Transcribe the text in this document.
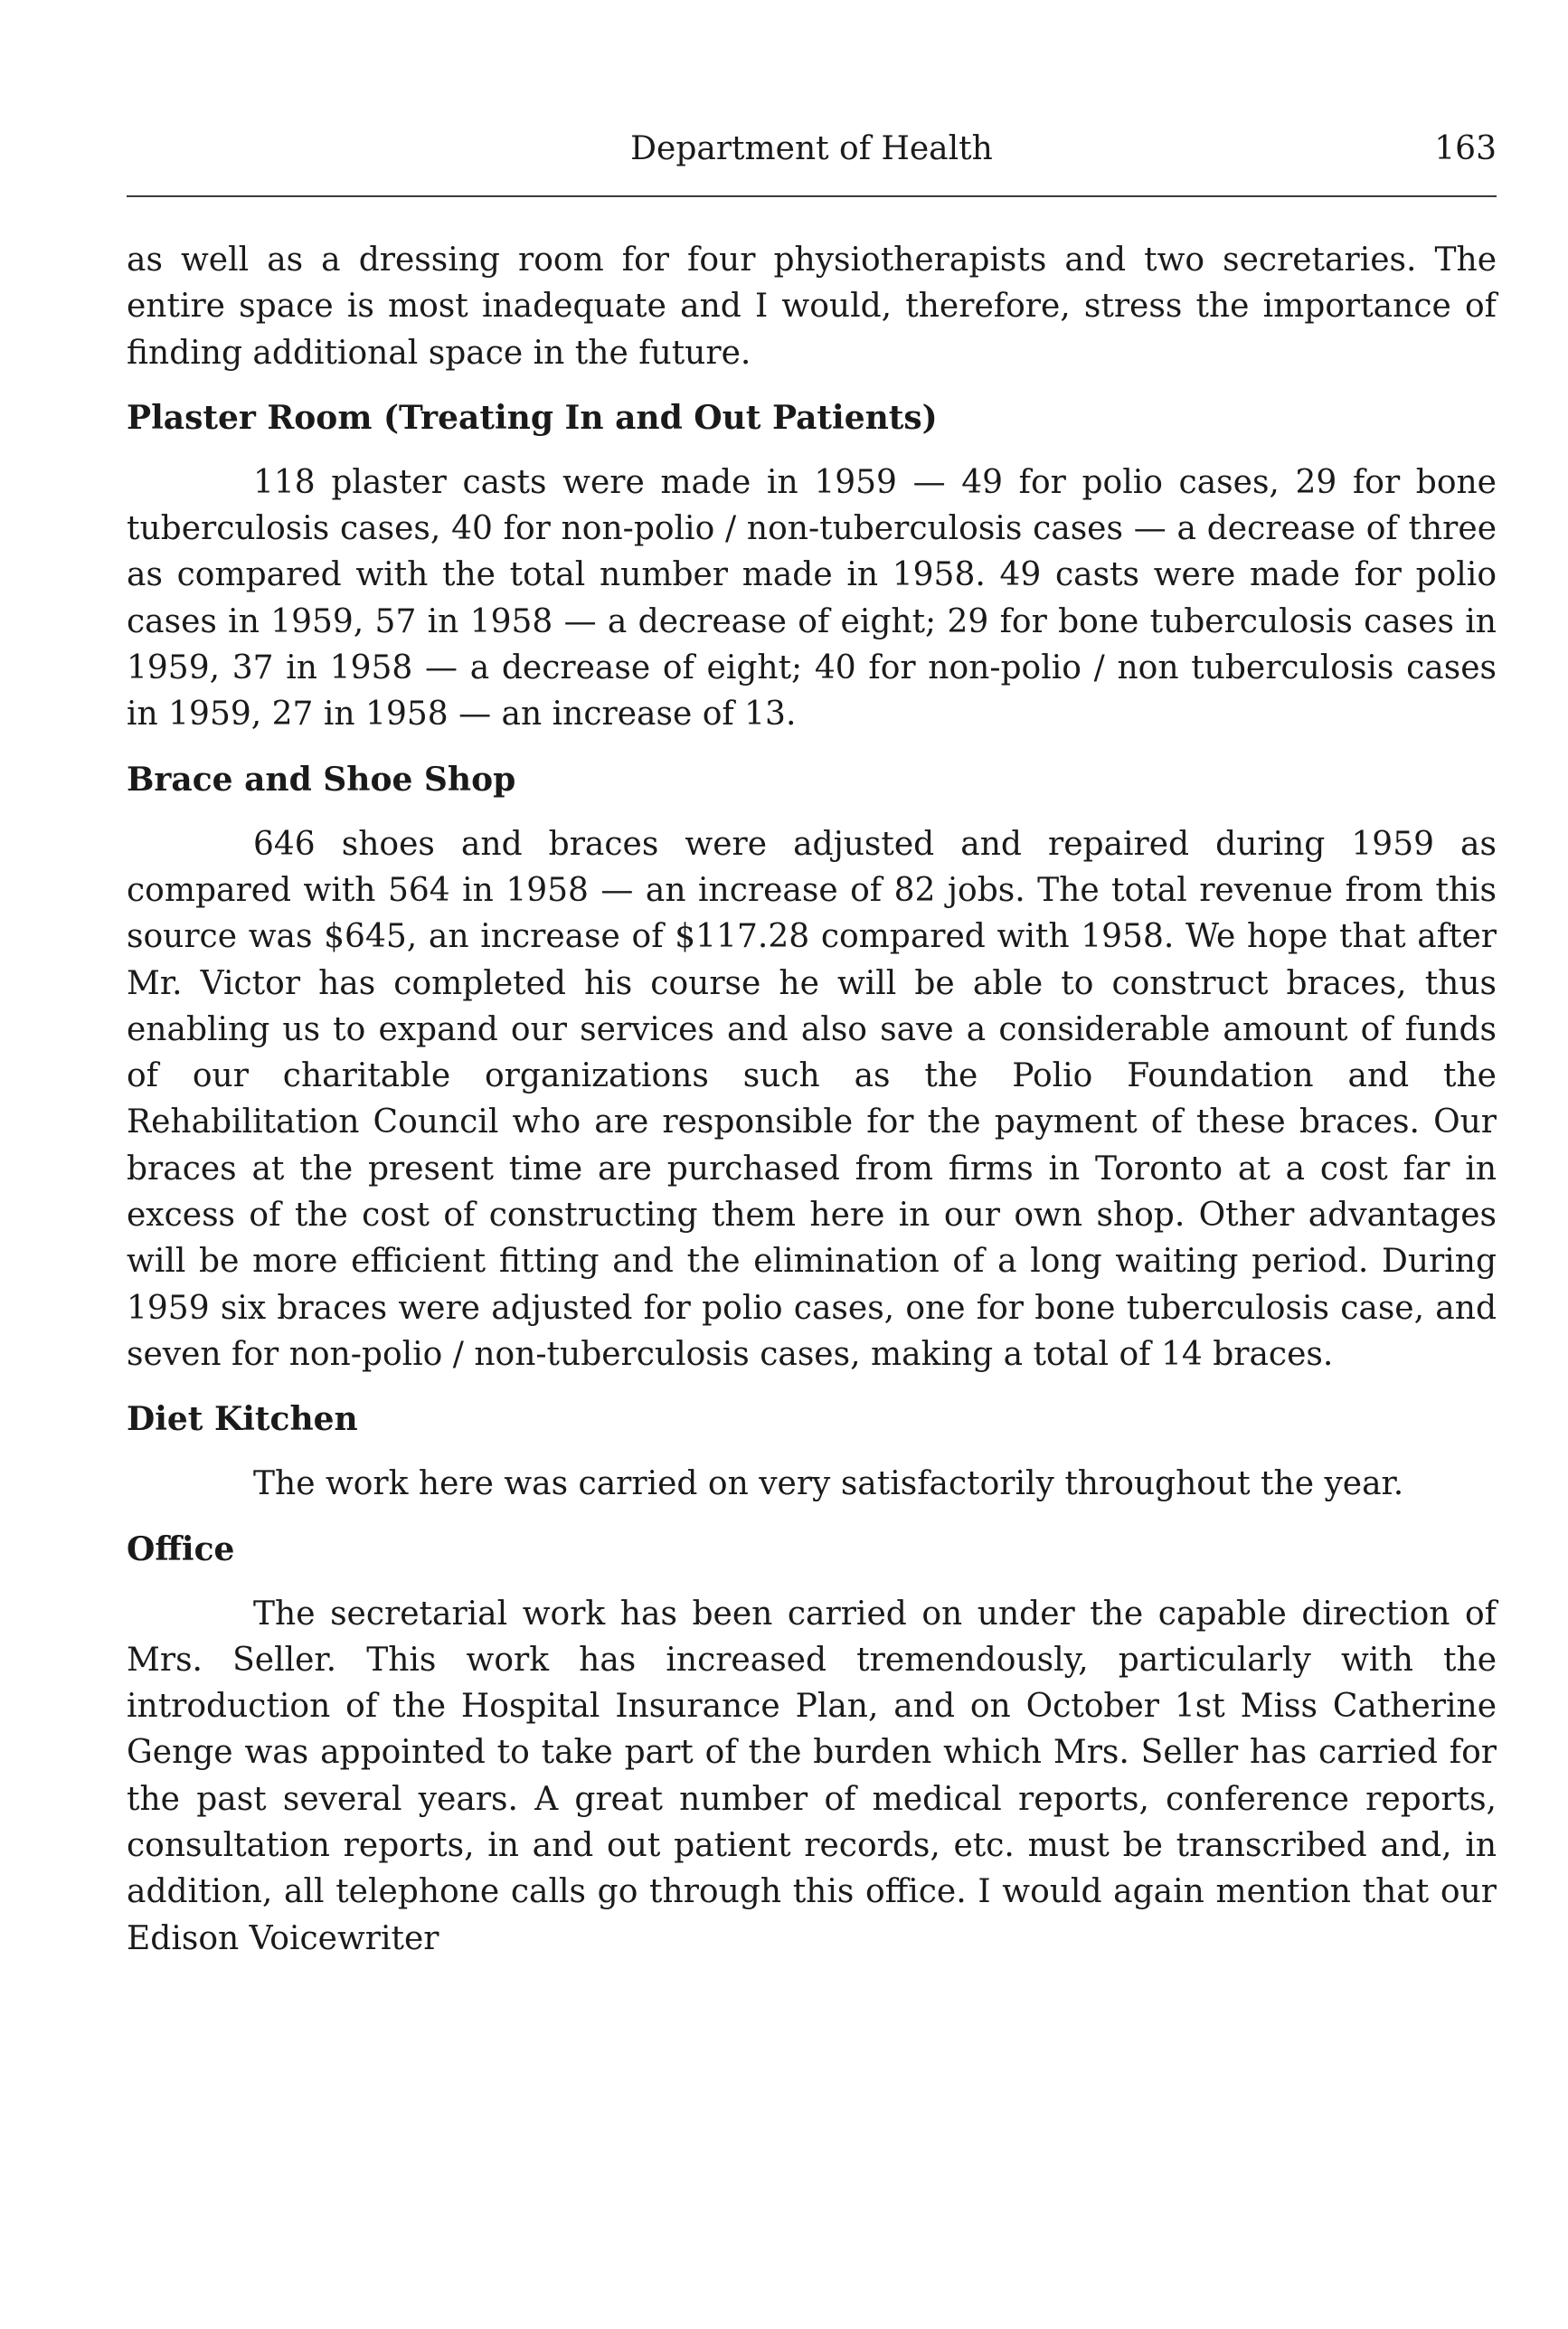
Department of Health	163

as well as a dressing room for four physiotherapists and two secretaries. The entire space is most inadequate and I would, therefore, stress the importance of finding additional space in the future.

Plaster Room (Treating In and Out Patients)

118 plaster casts were made in 1959 — 49 for polio cases, 29 for bone tuberculosis cases, 40 for non-polio / non-tuberculosis cases — a decrease of three as compared with the total number made in 1958. 49 casts were made for polio cases in 1959, 57 in 1958 — a decrease of eight; 29 for bone tuberculosis cases in 1959, 37 in 1958 — a decrease of eight; 40 for non-polio / non tuberculosis cases in 1959, 27 in 1958 — an increase of 13.

Brace and Shoe Shop

646 shoes and braces were adjusted and repaired during 1959 as compared with 564 in 1958 — an increase of 82 jobs. The total revenue from this source was $645, an increase of $117.28 compared with 1958. We hope that after Mr. Victor has completed his course he will be able to construct braces, thus enabling us to expand our services and also save a considerable amount of funds of our charitable organizations such as the Polio Foundation and the Rehabilitation Council who are responsible for the payment of these braces. Our braces at the present time are purchased from firms in Toronto at a cost far in excess of the cost of constructing them here in our own shop. Other advantages will be more efficient fitting and the elimination of a long waiting period. During 1959 six braces were adjusted for polio cases, one for bone tuberculosis case, and seven for non-polio / non-tuberculosis cases, making a total of 14 braces.

Diet Kitchen

The work here was carried on very satisfactorily throughout the year.

Office

The secretarial work has been carried on under the capable direction of Mrs. Seller. This work has increased tremendously, particularly with the introduction of the Hospital Insurance Plan, and on October 1st Miss Catherine Genge was appointed to take part of the burden which Mrs. Seller has carried for the past several years. A great number of medical reports, conference reports, consultation reports, in and out patient records, etc. must be transcribed and, in addition, all telephone calls go through this office. I would again mention that our Edison Voicewriter
